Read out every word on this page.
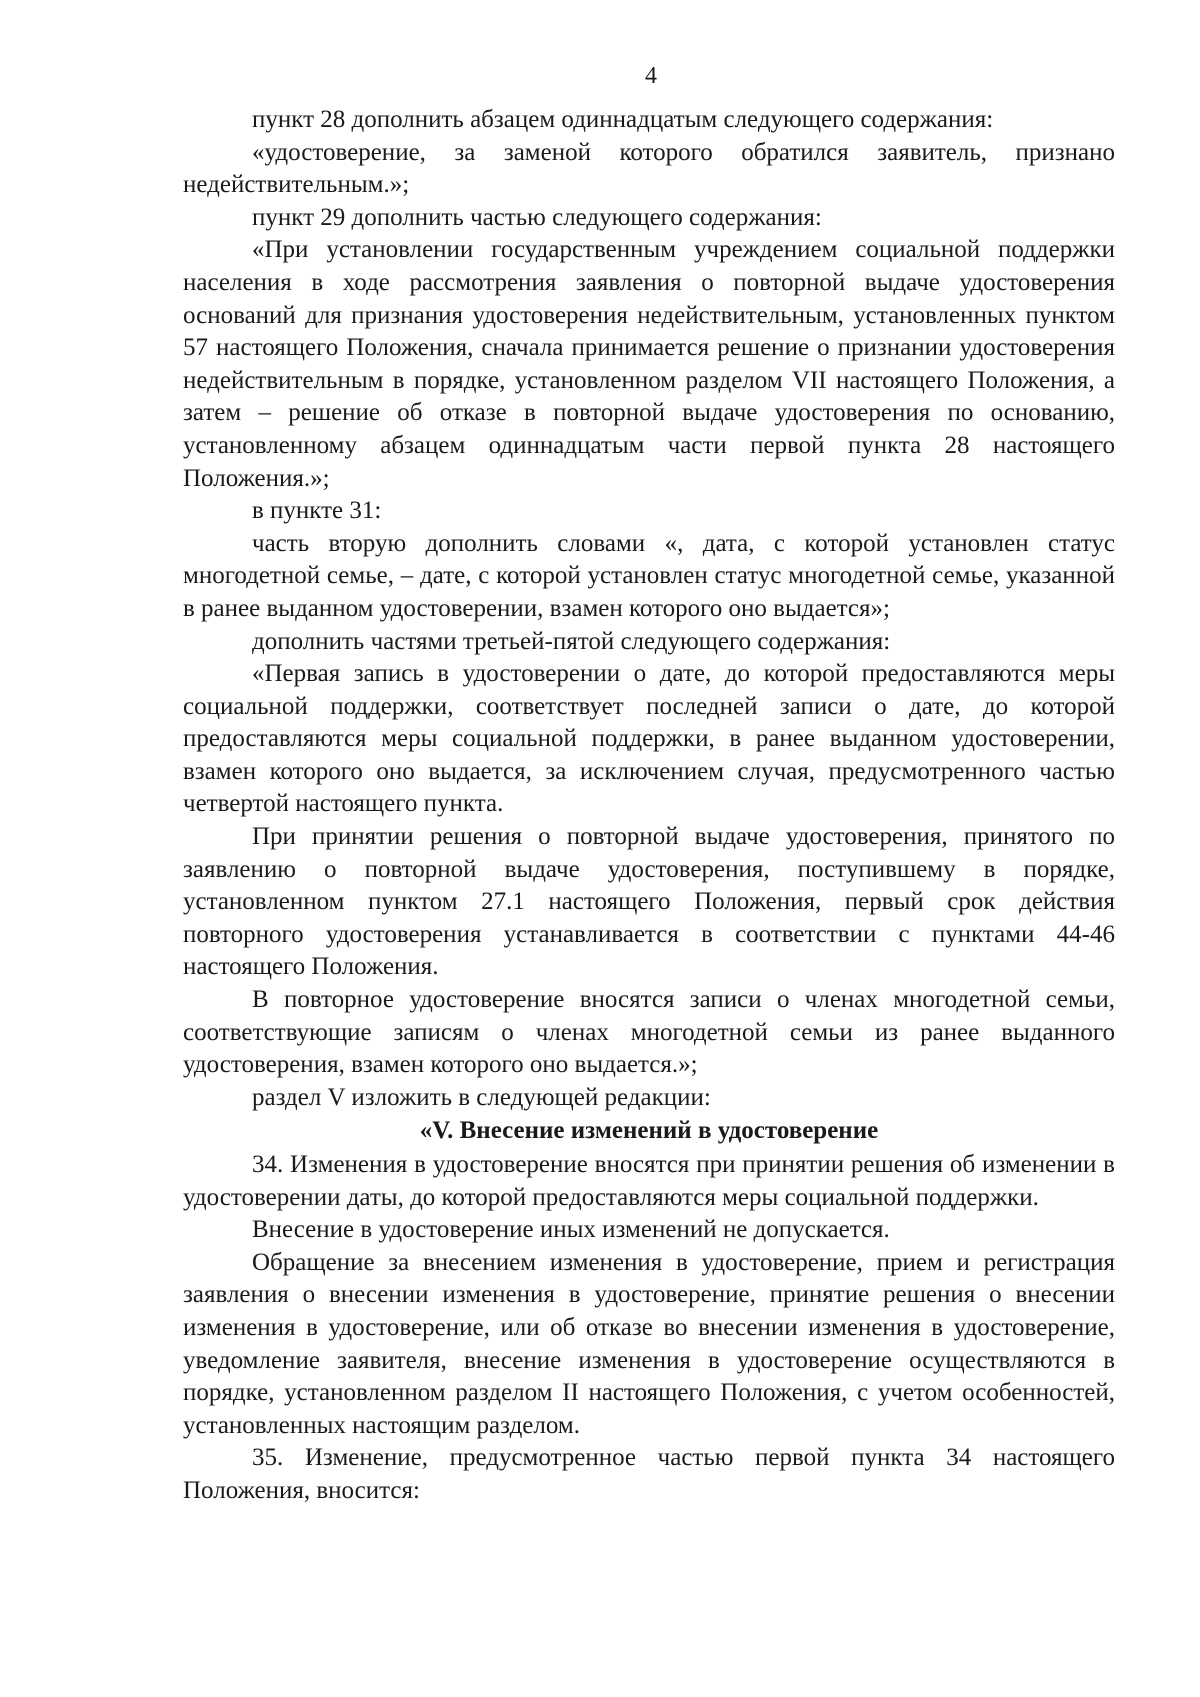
4

пункт 28 дополнить абзацем одиннадцатым следующего содержания:

«удостоверение, за заменой которого обратился заявитель, признано недействительным.»;

пункт 29 дополнить частью следующего содержания:

«При установлении государственным учреждением социальной поддержки населения в ходе рассмотрения заявления о повторной выдаче удостоверения оснований для признания удостоверения недействительным, установленных пунктом 57 настоящего Положения, сначала принимается решение о признании удостоверения недействительным в порядке, установленном разделом VII настоящего Положения, а затем – решение об отказе в повторной выдаче удостоверения по основанию, установленному абзацем одиннадцатым части первой пункта 28 настоящего Положения.»;

в пункте 31:

часть вторую дополнить словами «, дата, с которой установлен статус многодетной семье, – дате, с которой установлен статус многодетной семье, указанной в ранее выданном удостоверении, взамен которого оно выдается»;

дополнить частями третьей-пятой следующего содержания:

«Первая запись в удостоверении о дате, до которой предоставляются меры социальной поддержки, соответствует последней записи о дате, до которой предоставляются меры социальной поддержки, в ранее выданном удостоверении, взамен которого оно выдается, за исключением случая, предусмотренного частью четвертой настоящего пункта.

При принятии решения о повторной выдаче удостоверения, принятого по заявлению о повторной выдаче удостоверения, поступившему в порядке, установленном пунктом 27.1 настоящего Положения, первый срок действия повторного удостоверения устанавливается в соответствии с пунктами 44-46 настоящего Положения.

В повторное удостоверение вносятся записи о членах многодетной семьи, соответствующие записям о членах многодетной семьи из ранее выданного удостоверения, взамен которого оно выдается.»;

раздел V изложить в следующей редакции:

«V. Внесение изменений в удостоверение

34. Изменения в удостоверение вносятся при принятии решения об изменении в удостоверении даты, до которой предоставляются меры социальной поддержки.

Внесение в удостоверение иных изменений не допускается.

Обращение за внесением изменения в удостоверение, прием и регистрация заявления о внесении изменения в удостоверение, принятие решения о внесении изменения в удостоверение, или об отказе во внесении изменения в удостоверение, уведомление заявителя, внесение изменения в удостоверение осуществляются в порядке, установленном разделом II настоящего Положения, с учетом особенностей, установленных настоящим разделом.

35. Изменение, предусмотренное частью первой пункта 34 настоящего Положения, вносится:
